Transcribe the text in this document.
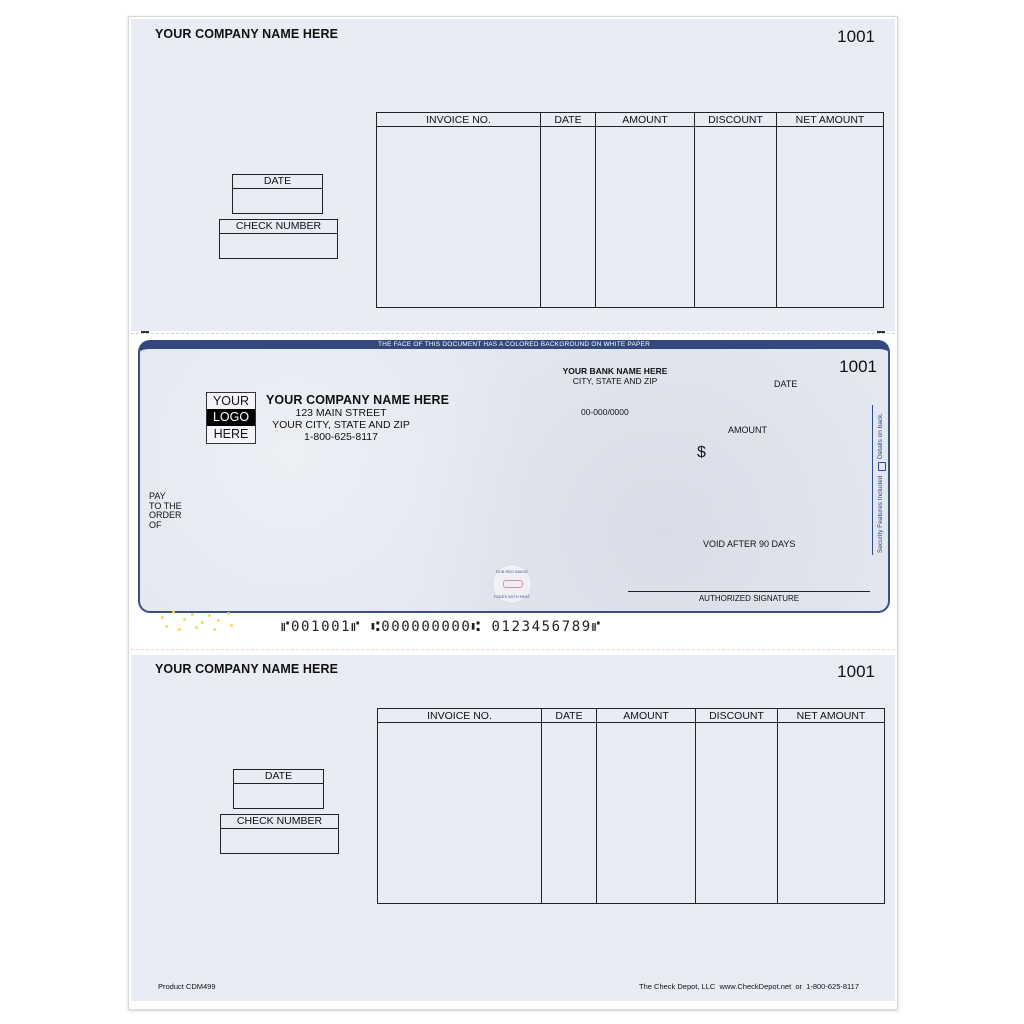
YOUR COMPANY NAME HERE	1001
DATE
CHECK NUMBER
INVOICE NO.	DATE	AMOUNT	DISCOUNT	NET AMOUNT

THE FACE OF THIS DOCUMENT HAS A COLORED BACKGROUND ON WHITE PAPER
YOUR
LOGO
HERE
YOUR COMPANY NAME HERE
123 MAIN STREET
YOUR CITY, STATE AND ZIP
1-800-625-8117
YOUR BANK NAME HERE
CITY, STATE AND ZIP
00-000/0000
1001
DATE
AMOUNT
$
PAY
TO THE
ORDER
OF
VOID AFTER 90 DAYS
RUB RED IMAGE
FADES WITH HEAT	AUTHORIZED SIGNATURE
Details on back.
Security Features Included
⑈001001⑈ ⑆000000000⑆ 0123456789⑈
YOUR COMPANY NAME HERE	1001
DATE
CHECK NUMBER
INVOICE NO.	DATE	AMOUNT	DISCOUNT	NET AMOUNT

Product CDM499	The Check Depot, LLC  www.CheckDepot.net  or  1-800-625-8117
